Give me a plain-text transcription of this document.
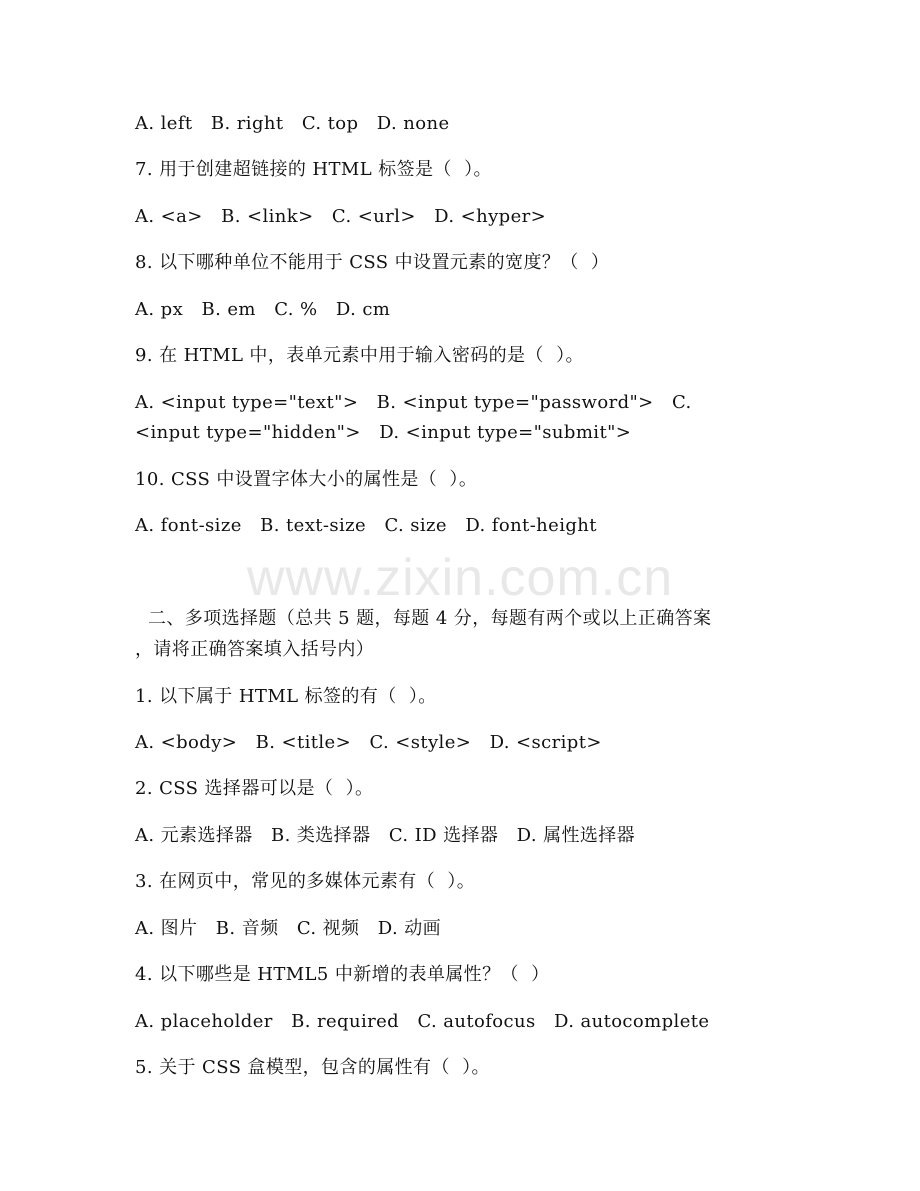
www.zixin.com.cn
A. left   B. right   C. top   D. none
7. 用于创建超链接的 HTML 标签是（  ）。
A. <a>   B. <link>   C. <url>   D. <hyper>
8. 以下哪种单位不能用于 CSS 中设置元素的宽度？（  ）
A. px   B. em   C. %   D. cm
9. 在 HTML 中，表单元素中用于输入密码的是（  ）。
A. <input type="text">   B. <input type="password">   C.
<input type="hidden">   D. <input type="submit">
10. CSS 中设置字体大小的属性是（  ）。
A. font-size   B. text-size   C. size   D. font-height
二、多项选择题（总共 5 题，每题 4 分，每题有两个或以上正确答案
，请将正确答案填入括号内）
1. 以下属于 HTML 标签的有（  ）。
A. <body>   B. <title>   C. <style>   D. <script>
2. CSS 选择器可以是（  ）。
A. 元素选择器   B. 类选择器   C. ID 选择器   D. 属性选择器
3. 在网页中，常见的多媒体元素有（  ）。
A. 图片   B. 音频   C. 视频   D. 动画
4. 以下哪些是 HTML5 中新增的表单属性？（  ）
A. placeholder   B. required   C. autofocus   D. autocomplete
5. 关于 CSS 盒模型，包含的属性有（  ）。
